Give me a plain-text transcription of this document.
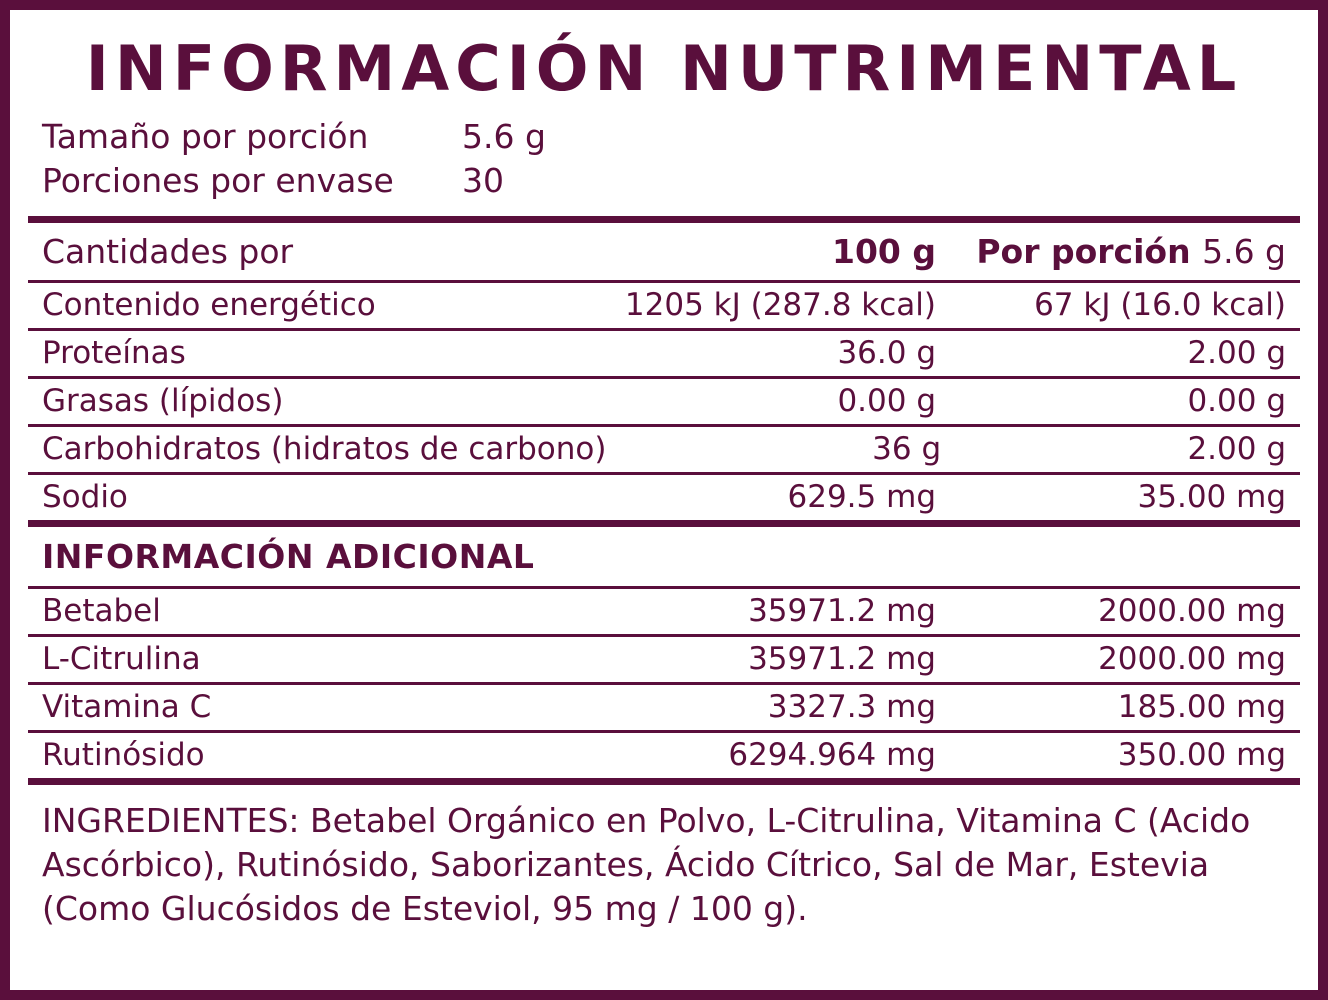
INFORMACIÓN NUTRIMENTAL
Tamaño por porción	5.6 g
Porciones por envase	30
Cantidades por	100 g	Por porción 5.6 g
Contenido energético	1205 kJ (287.8 kcal)	67 kJ (16.0 kcal)
Proteínas	36.0 g	2.00 g
Grasas (lípidos)	0.00 g	0.00 g
Carbohidratos (hidratos de carbono)	36 g	2.00 g
Sodio	629.5 mg	35.00 mg
INFORMACIÓN ADICIONAL
Betabel	35971.2 mg	2000.00 mg
L-Citrulina	35971.2 mg	2000.00 mg
Vitamina C	3327.3 mg	185.00 mg
Rutinósido	6294.964 mg	350.00 mg
INGREDIENTES: Betabel Orgánico en Polvo, L-Citrulina, Vitamina C (Acido Ascórbico), Rutinósido, Saborizantes, Ácido Cítrico, Sal de Mar, Estevia (Como Glucósidos de Esteviol, 95 mg / 100 g).
